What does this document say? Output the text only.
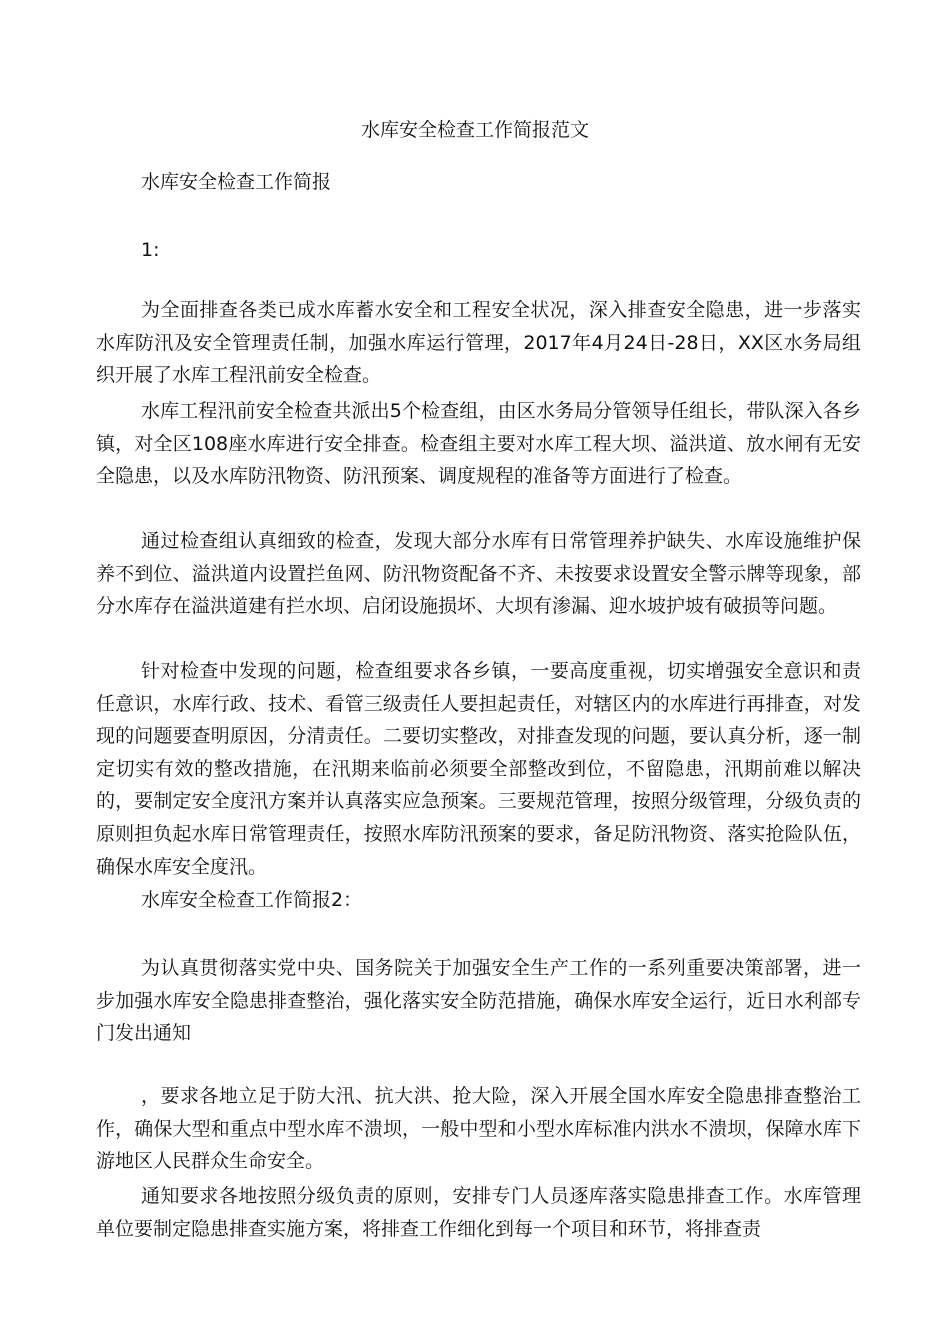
水库安全检查工作简报范文
水库安全检查工作简报
1:

为全面排查各类已成水库蓄水安全和工程安全状况，深入排查安全隐患，进一步落实水库防汛及安全管理责任制，加强水库运行管理，2017年4月24日-28日，XX区水务局组织开展了水库工程汛前安全检查。

水库工程汛前安全检查共派出5个检查组，由区水务局分管领导任组长，带队深入各乡镇，对全区108座水库进行安全排查。检查组主要对水库工程大坝、溢洪道、放水闸有无安全隐患，以及水库防汛物资、防汛预案、调度规程的准备等方面进行了检查。

通过检查组认真细致的检查，发现大部分水库有日常管理养护缺失、水库设施维护保养不到位、溢洪道内设置拦鱼网、防汛物资配备不齐、未按要求设置安全警示牌等现象，部分水库存在溢洪道建有拦水坝、启闭设施损坏、大坝有渗漏、迎水坡护坡有破损等问题。

针对检查中发现的问题，检查组要求各乡镇，一要高度重视，切实增强安全意识和责任意识，水库行政、技术、看管三级责任人要担起责任，对辖区内的水库进行再排查，对发现的问题要查明原因，分清责任。二要切实整改，对排查发现的问题，要认真分析，逐一制定切实有效的整改措施，在汛期来临前必须要全部整改到位，不留隐患，汛期前难以解决的，要制定安全度汛方案并认真落实应急预案。三要规范管理，按照分级管理，分级负责的原则担负起水库日常管理责任，按照水库防汛预案的要求，备足防汛物资、落实抢险队伍，确保水库安全度汛。

水库安全检查工作简报2：

为认真贯彻落实党中央、国务院关于加强安全生产工作的一系列重要决策部署，进一步加强水库安全隐患排查整治，强化落实安全防范措施，确保水库安全运行，近日水利部专门发出通知

，要求各地立足于防大汛、抗大洪、抢大险，深入开展全国水库安全隐患排查整治工作，确保大型和重点中型水库不溃坝，一般中型和小型水库标准内洪水不溃坝，保障水库下游地区人民群众生命安全。

通知要求各地按照分级负责的原则，安排专门人员逐库落实隐患排查工作。水库管理单位要制定隐患排查实施方案，将排查工作细化到每一个项目和环节，将排查责
